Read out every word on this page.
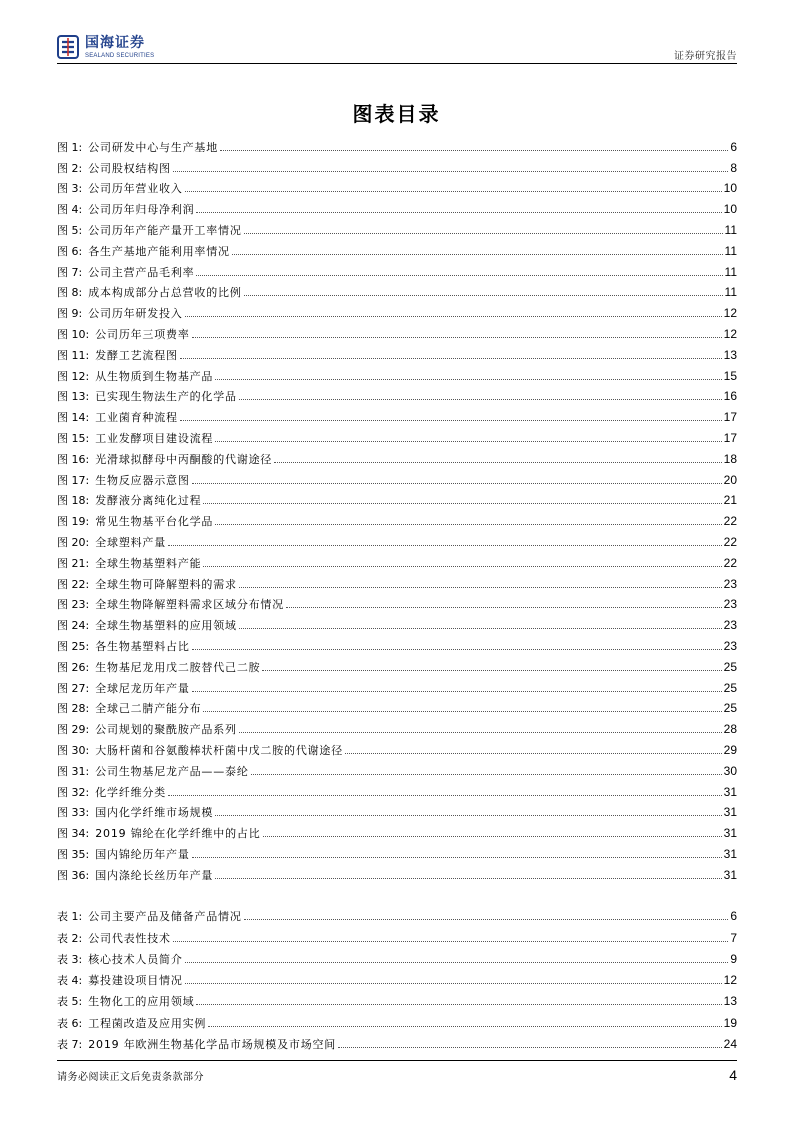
国海证券
SEALAND SECURITIES	证券研究报告
图表目录
图 1 : 公司研发中心与生产基地	6
图 2 : 公司股权结构图	8
图 3 : 公司历年营业收入	10
图 4 : 公司历年归母净利润	10
图 5 : 公司历年产能产量开工率情况	11
图 6 : 各生产基地产能利用率情况	11
图 7 : 公司主营产品毛利率	11
图 8 : 成本构成部分占总营收的比例	11
图 9 : 公司历年研发投入	12
图 10 : 公司历年三项费率	12
图 11 : 发酵工艺流程图	13
图 12 : 从生物质到生物基产品	15
图 13 : 已实现生物法生产的化学品	16
图 14 : 工业菌育种流程	17
图 15 : 工业发酵项目建设流程	17
图 16 : 光滑球拟酵母中丙酮酸的代谢途径	18
图 17 : 生物反应器示意图	20
图 18 : 发酵液分离纯化过程	21
图 19 : 常见生物基平台化学品	22
图 20 : 全球塑料产量	22
图 21 : 全球生物基塑料产能	22
图 22 : 全球生物可降解塑料的需求	23
图 23 : 全球生物降解塑料需求区域分布情况	23
图 24 : 全球生物基塑料的应用领域	23
图 25 : 各生物基塑料占比	23
图 26 : 生物基尼龙用戊二胺替代己二胺	25
图 27 : 全球尼龙历年产量	25
图 28 : 全球己二腈产能分布	25
图 29 : 公司规划的聚酰胺产品系列	28
图 30 : 大肠杆菌和谷氨酸棒状杆菌中戊二胺的代谢途径	29
图 31 : 公司生物基尼龙产品——泰纶	30
图 32 : 化学纤维分类	31
图 33 : 国内化学纤维市场规模	31
图 34 : 2019 锦纶在化学纤维中的占比	31
图 35 : 国内锦纶历年产量	31
图 36 : 国内涤纶长丝历年产量	31
表 1 : 公司主要产品及储备产品情况	6
表 2 : 公司代表性技术	7
表 3 : 核心技术人员简介	9
表 4 : 募投建设项目情况	12
表 5 : 生物化工的应用领域	13
表 6 : 工程菌改造及应用实例	19
表 7 : 2019 年欧洲生物基化学品市场规模及市场空间	24
请务必阅读正文后免责条款部分	4
